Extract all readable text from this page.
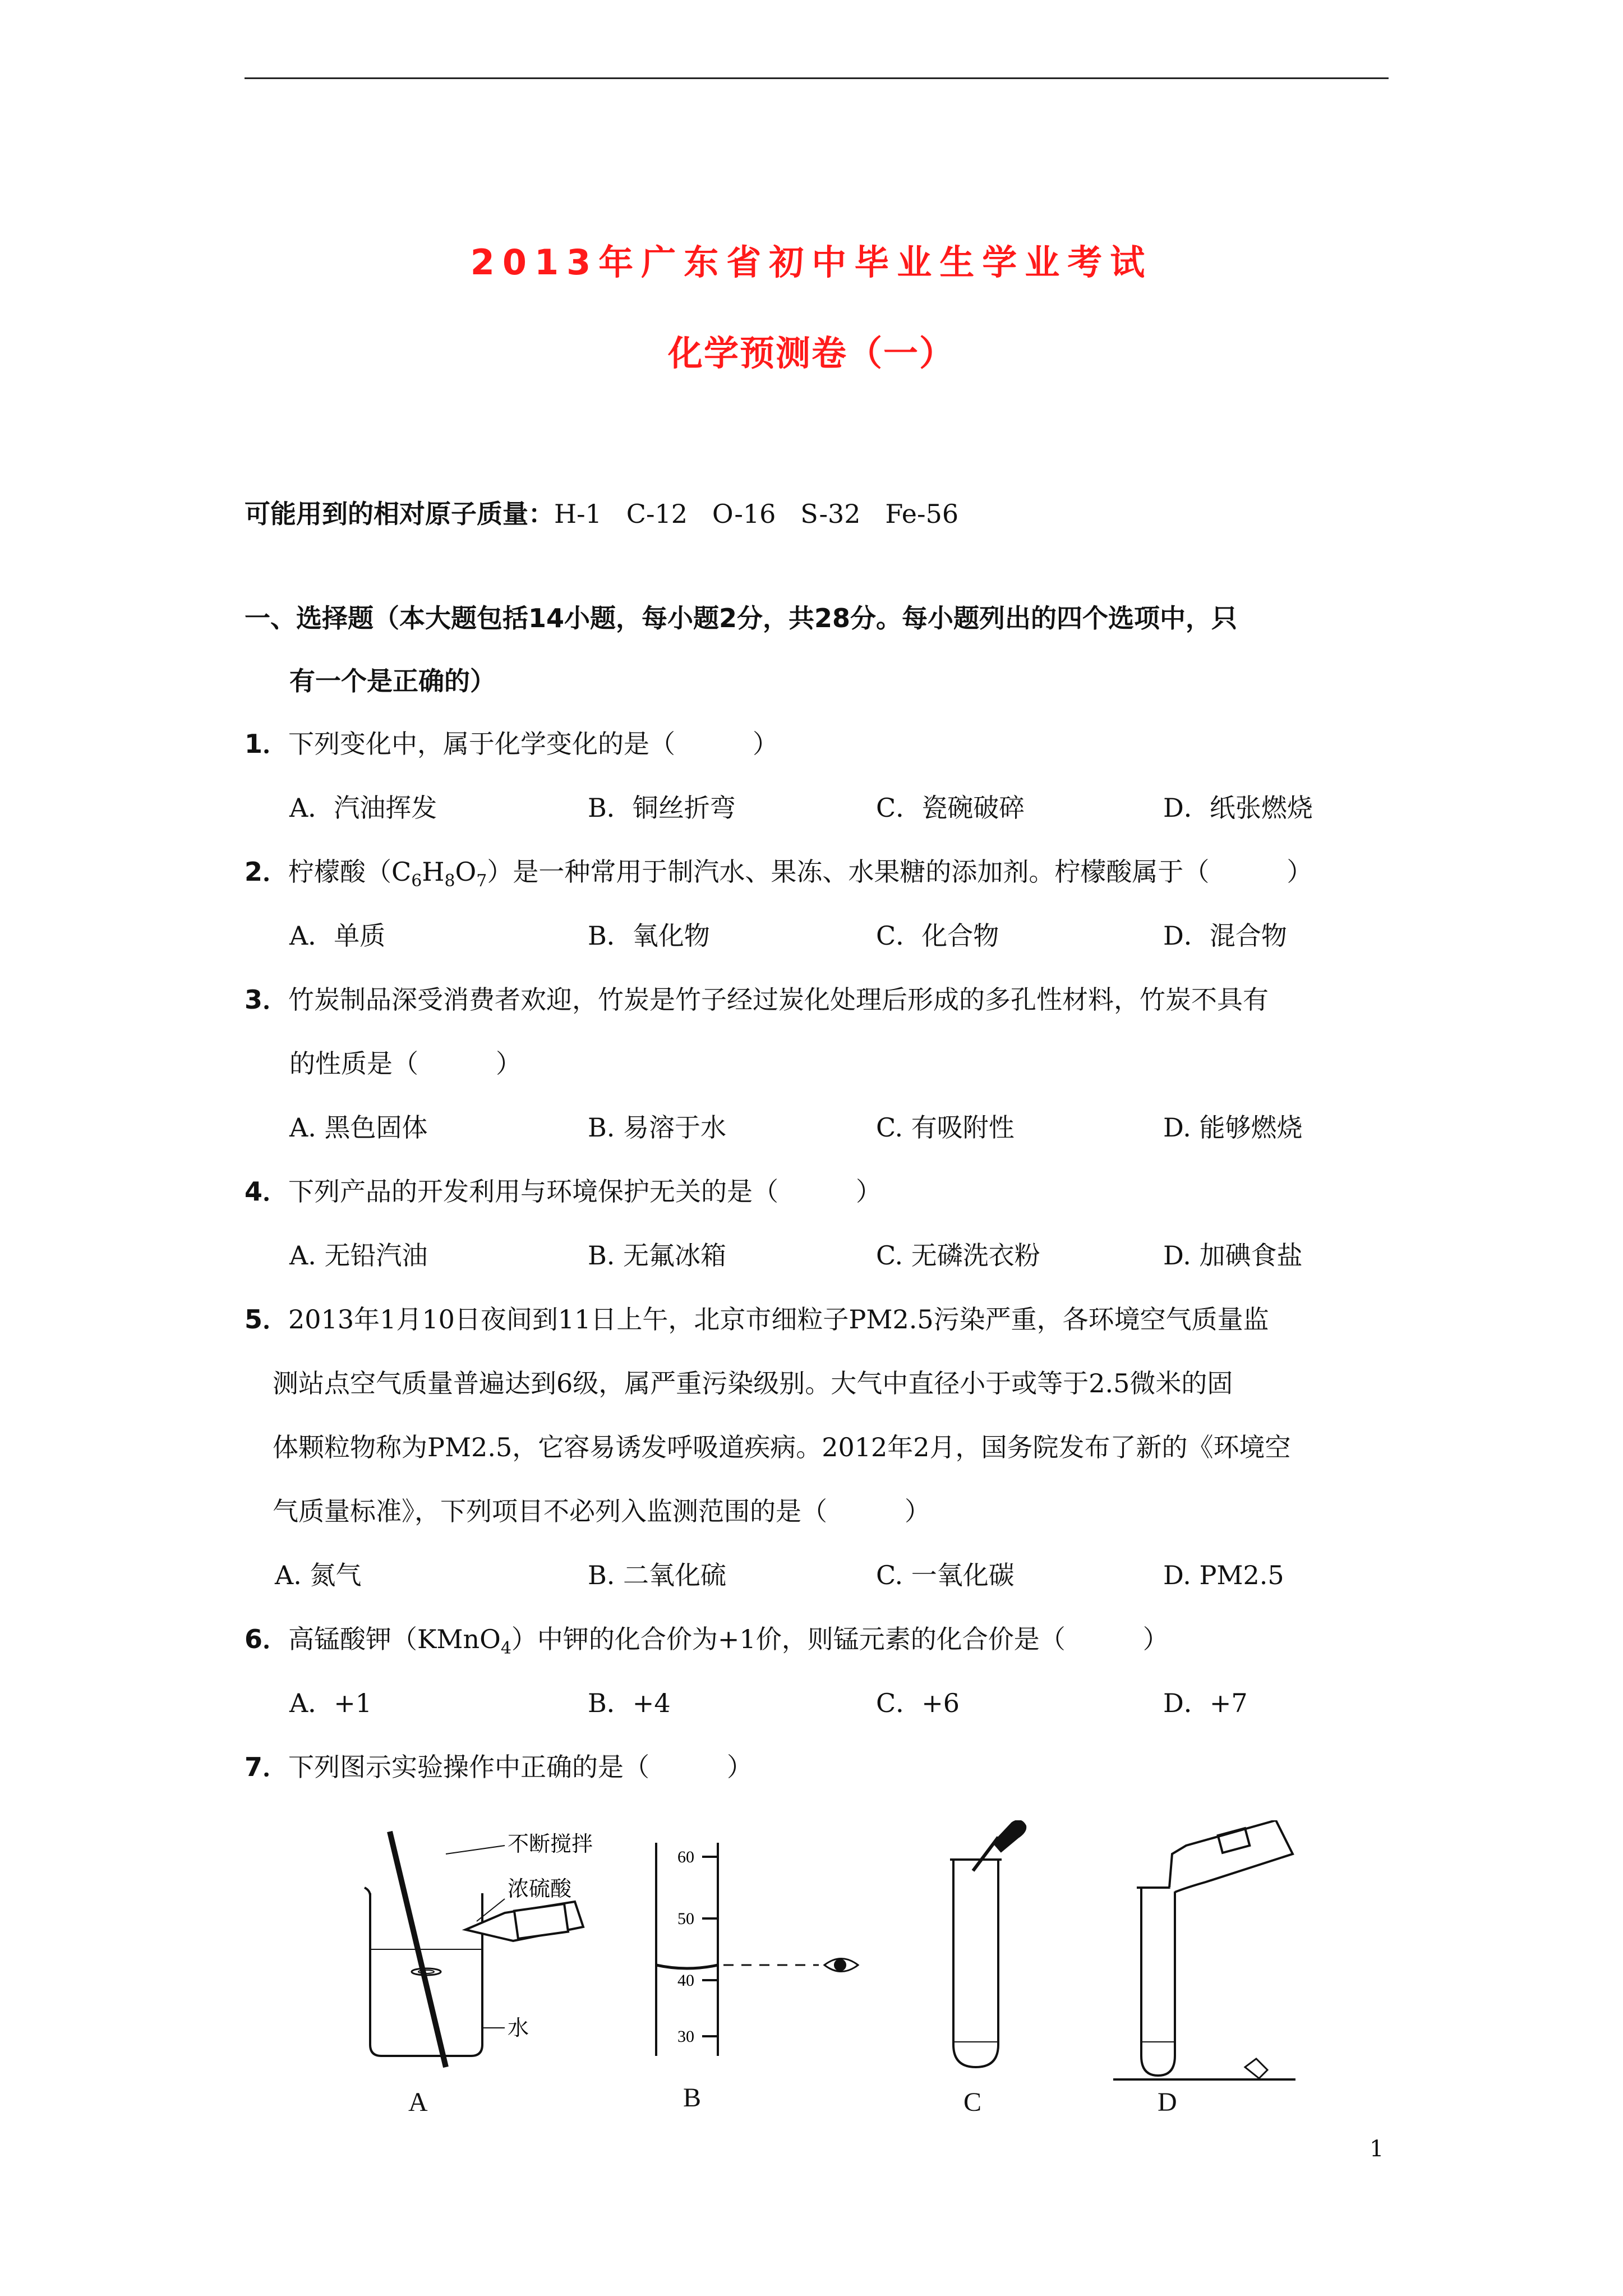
2013年广东省初中毕业生学业考试
化学预测卷（一）
可能用到的相对原子质量：H-1   C-12   O-16   S-32   Fe-56
一、选择题（本大题包括14小题，每小题2分，共28分。每小题列出的四个选项中，只
有一个是正确的）
1．下列变化中，属于化学变化的是（　　　）
A．汽油挥发	B．铜丝折弯	C．瓷碗破碎	D．纸张燃烧
2．柠檬酸$(C_6H_8O_7)$是一种常用于制汽水、果冻、水果糖的添加剂。柠檬酸属于（　　　）
A．单质	B．氧化物	C．化合物	D．混合物
3．竹炭制品深受消费者欢迎，竹炭是竹子经过炭化处理后形成的多孔性材料，竹炭不具有
的性质是（　　　）
A. 黑色固体	B. 易溶于水	C. 有吸附性	D. 能够燃烧
4．下列产品的开发利用与环境保护无关的是（　　　）
A. 无铅汽油	B. 无氟冰箱	C. 无磷洗衣粉	D. 加碘食盐
5．2013年1月10日夜间到11日上午，北京市细粒子PM2.5污染严重，各环境空气质量监
测站点空气质量普遍达到6级，属严重污染级别。大气中直径小于或等于2.5微米的固
体颗粒物称为PM2.5，它容易诱发呼吸道疾病。2012年2月，国务院发布了新的《环境空
气质量标准》，下列项目不必列入监测范围的是（　　　）
A. 氮气	B. 二氧化硫	C. 一氧化碳	D. PM2.5
6．高锰酸钾（KMnO$_4$）中钾的化合价为+1价，则锰元素的化合价是（　　　）
A．+1	B．+4	C．+6	D．+7
7．下列图示实验操作中正确的是（　　　）
不断搅拌
浓硫酸
水
A
60
50
40
30
B	C	D
1
